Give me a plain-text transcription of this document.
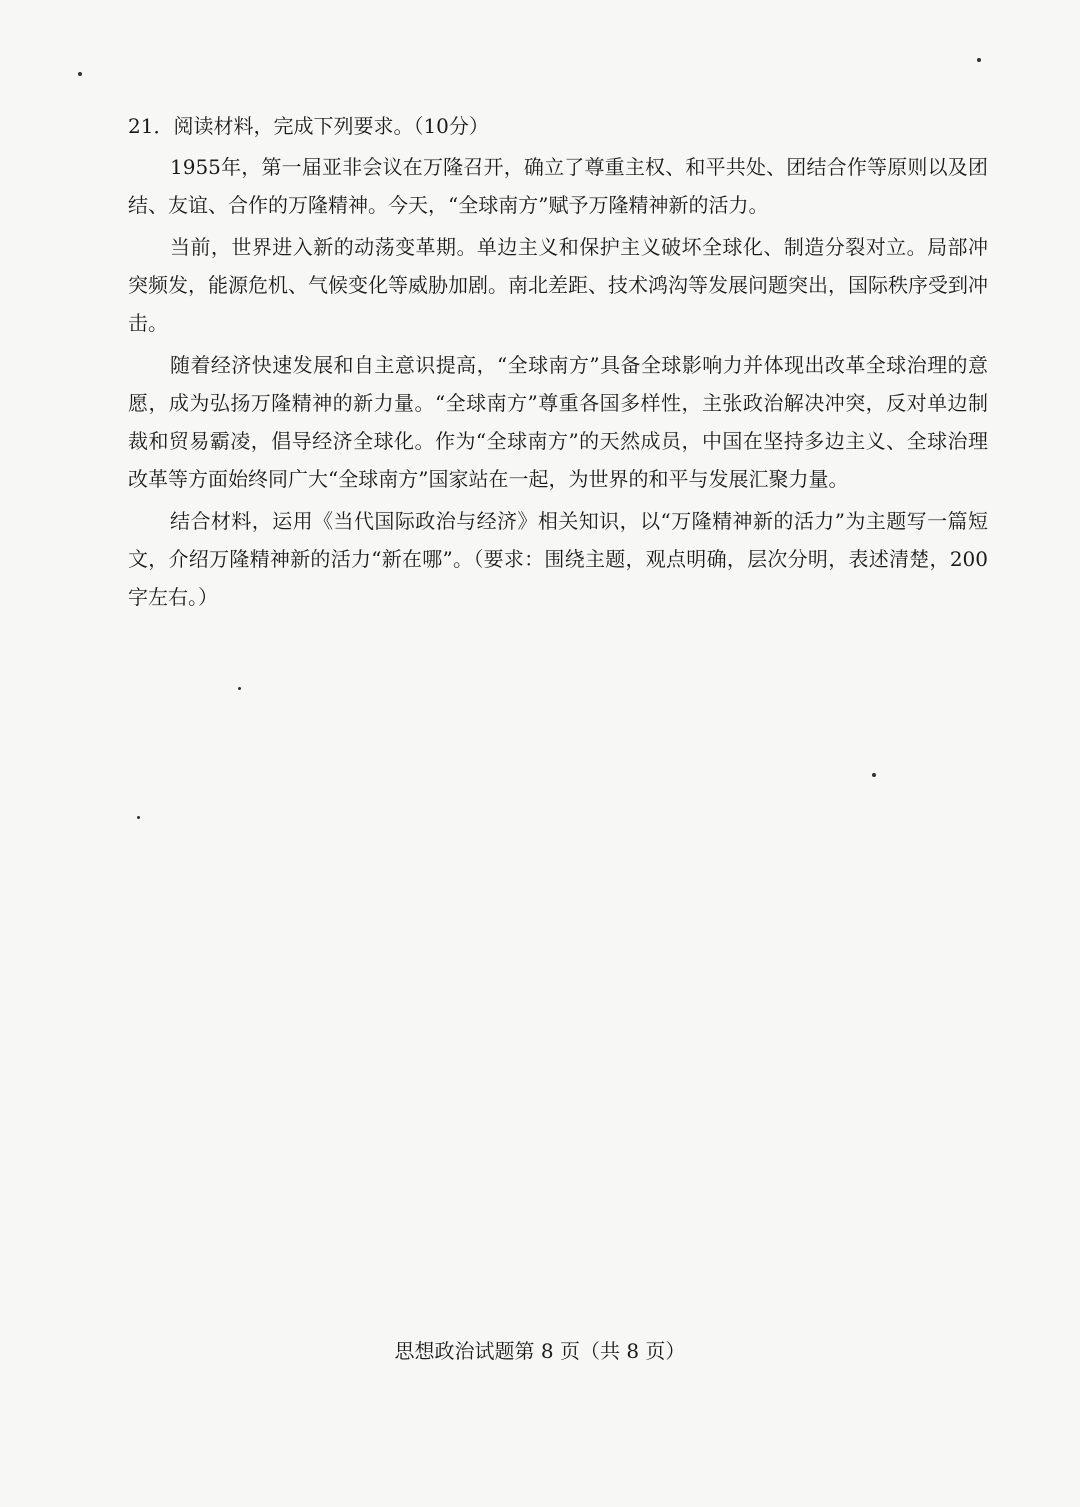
21．阅读材料，完成下列要求。（10分）

1955年，第一届亚非会议在万隆召开，确立了尊重主权、和平共处、团结合作等原则以及团结、友谊、合作的万隆精神。今天，“全球南方”赋予万隆精神新的活力。

当前，世界进入新的动荡变革期。单边主义和保护主义破坏全球化、制造分裂对立。局部冲突频发，能源危机、气候变化等威胁加剧。南北差距、技术鸿沟等发展问题突出，国际秩序受到冲击。

随着经济快速发展和自主意识提高，“全球南方”具备全球影响力并体现出改革全球治理的意愿，成为弘扬万隆精神的新力量。“全球南方”尊重各国多样性，主张政治解决冲突，反对单边制裁和贸易霸凌，倡导经济全球化。作为“全球南方”的天然成员，中国在坚持多边主义、全球治理改革等方面始终同广大“全球南方”国家站在一起，为世界的和平与发展汇聚力量。

结合材料，运用《当代国际政治与经济》相关知识，以“万隆精神新的活力”为主题写一篇短文，介绍万隆精神新的活力“新在哪”。（要求：围绕主题，观点明确，层次分明，表述清楚，200字左右。）

思想政治试题第 8 页（共 8 页）
